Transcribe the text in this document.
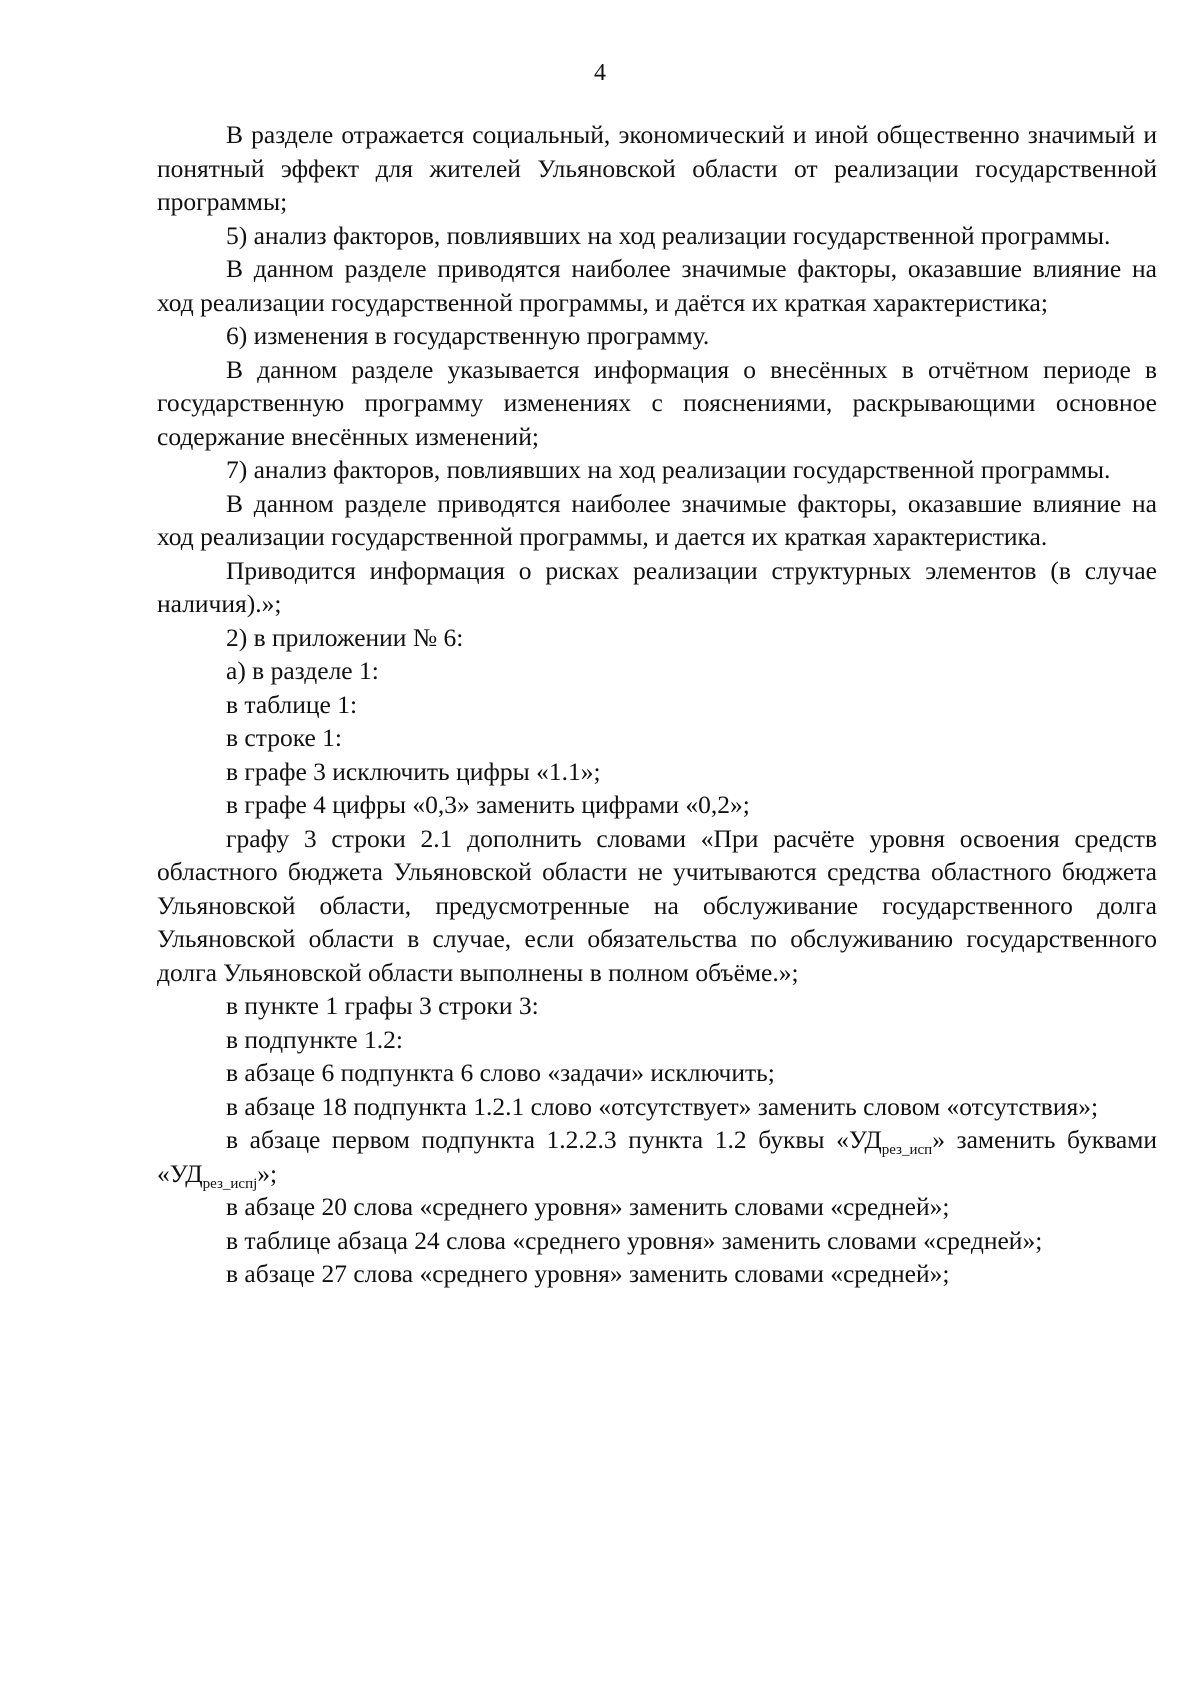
4

В разделе отражается социальный, экономический и иной общественно значимый и понятный эффект для жителей Ульяновской области от реализации государственной программы;

5) анализ факторов, повлиявших на ход реализации государственной программы.

В данном разделе приводятся наиболее значимые факторы, оказавшие влияние на ход реализации государственной программы, и даётся их краткая характеристика;

6) изменения в государственную программу.

В данном разделе указывается информация о внесённых в отчётном периоде в государственную программу изменениях с пояснениями, раскрывающими основное содержание внесённых изменений;

7) анализ факторов, повлиявших на ход реализации государственной программы.

В данном разделе приводятся наиболее значимые факторы, оказавшие влияние на ход реализации государственной программы, и дается их краткая характеристика.

Приводится информация о рисках реализации структурных элементов (в случае наличия).»;

2) в приложении № 6:

а) в разделе 1:

в таблице 1:

в строке 1:

в графе 3 исключить цифры «1.1»;

в графе 4 цифры «0,3» заменить цифрами «0,2»;

графу 3 строки 2.1 дополнить словами «При расчёте уровня освоения средств областного бюджета Ульяновской области не учитываются средства областного бюджета Ульяновской области, предусмотренные на обслуживание государственного долга Ульяновской области в случае, если обязательства по обслуживанию государственного долга Ульяновской области выполнены в полном объёме.»;

в пункте 1 графы 3 строки 3:

в подпункте 1.2:

в абзаце 6 подпункта 6 слово «задачи» исключить;

в абзаце 18 подпункта 1.2.1 слово «отсутствует» заменить словом «отсутствия»;

в абзаце первом подпункта 1.2.2.3 пункта 1.2 буквы «$УД_{рез\_исп}$» заменить буквами «$УД_{рез\_испj}$»;

в абзаце 20 слова «среднего уровня» заменить словами «средней»;

в таблице абзаца 24 слова «среднего уровня» заменить словами «средней»;

в абзаце 27 слова «среднего уровня» заменить словами «средней»;
